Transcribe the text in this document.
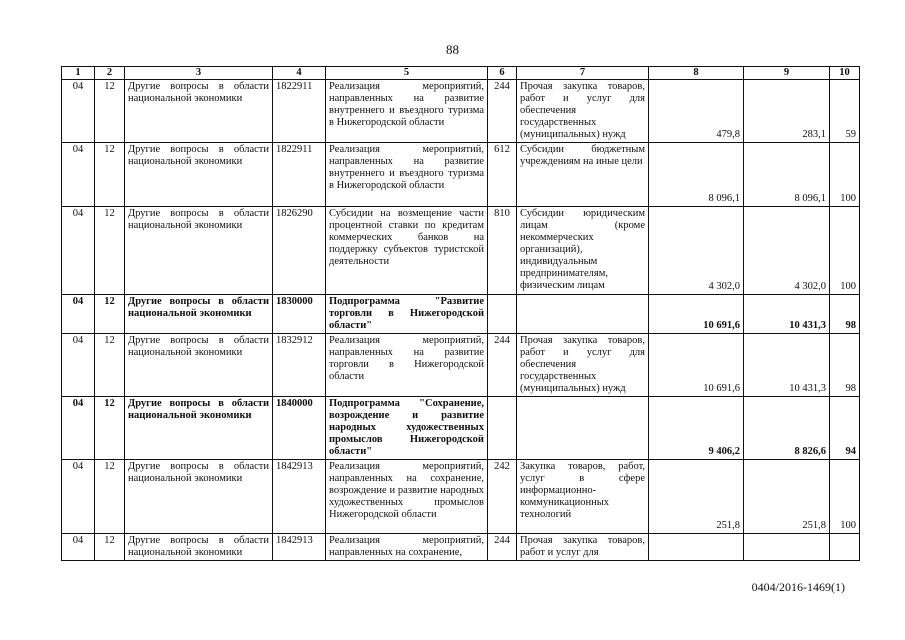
88
1	2	3	4	5	6	7	8	9	10
04	12	Другие вопросы в области национальной экономики	1822911	Реализация мероприятий, направленных на развитие внутреннего и въездного туризма в Нижегородской области	244	Прочая закупка товаров, работ и услуг для обеспечения государственных (муниципальных) нужд	479,8	283,1	59
04	12	Другие вопросы в области национальной экономики	1822911	Реализация мероприятий, направленных на развитие внутреннего и въездного туризма в Нижегородской области	612	Субсидии бюджетным учреждениям на иные цели	8 096,1	8 096,1	100
04	12	Другие вопросы в области национальной экономики	1826290	Субсидии на возмещение части процентной ставки по кредитам коммерческих банков на поддержку субъектов туристской деятельности	810	Субсидии юридическим лицам (кроме некоммерческих организаций), индивидуальным предпринимателям, физическим лицам	4 302,0	4 302,0	100
04	12	Другие вопросы в области национальной экономики	1830000	Подпрограмма "Развитие торговли в Нижегородской области"			10 691,6	10 431,3	98
04	12	Другие вопросы в области национальной экономики	1832912	Реализация мероприятий, направленных на развитие торговли в Нижегородской области	244	Прочая закупка товаров, работ и услуг для обеспечения государственных (муниципальных) нужд	10 691,6	10 431,3	98
04	12	Другие вопросы в области национальной экономики	1840000	Подпрограмма "Сохранение, возрождение и развитие народных художественных промыслов Нижегородской области"			9 406,2	8 826,6	94
04	12	Другие вопросы в области национальной экономики	1842913	Реализация мероприятий, направленных на сохранение, возрождение и развитие народных художественных промыслов Нижегородской области	242	Закупка товаров, работ, услуг в сфере информационно-коммуникационных технологий	251,8	251,8	100
04	12	Другие вопросы в области национальной экономики	1842913	Реализация мероприятий, направленных на сохранение,	244	Прочая закупка товаров, работ и услуг для			
0404/2016-1469(1)
